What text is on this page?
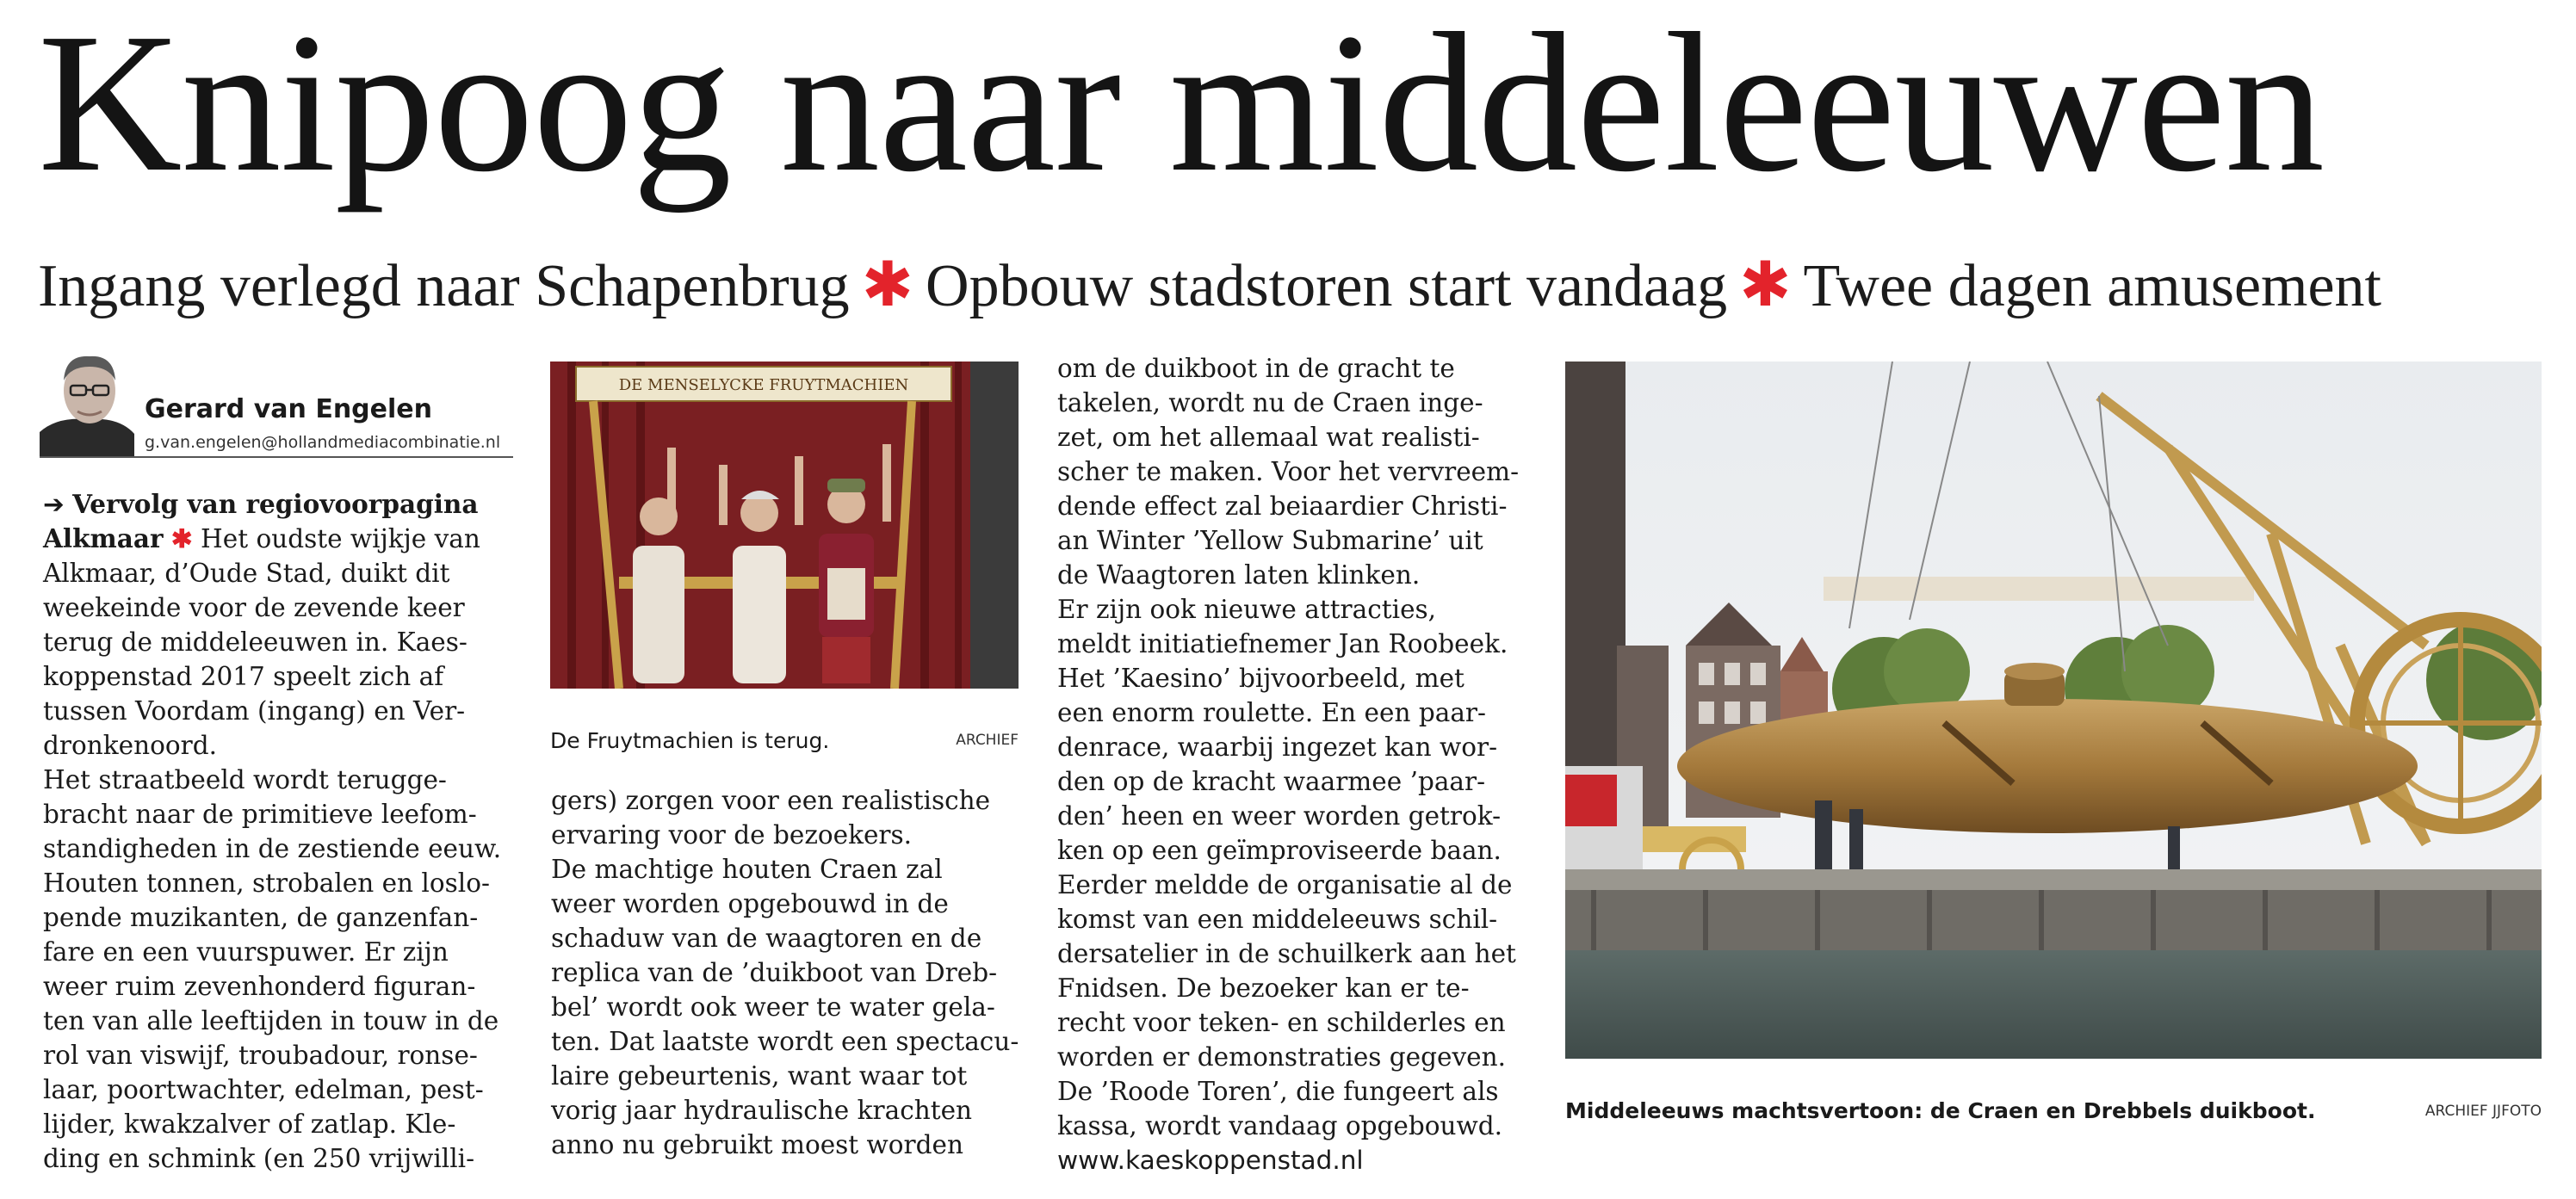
Knipoog naar middeleeuwen
Ingang verlegd naar Schapenbrug ✱ Opbouw stadstoren start vandaag ✱ Twee dagen amusement
Gerard van Engelen
g.van.engelen@hollandmediacombinatie.nl
➔ Vervolg van regiovoorpagina
Alkmaar ✱ Het oudste wijkje van
Alkmaar, d’Oude Stad, duikt dit
weekeinde voor de zevende keer
terug de middeleeuwen in. Kaes-
koppenstad 2017 speelt zich af
tussen Voordam (ingang) en Ver-
dronkenoord.
Het straatbeeld wordt terugge-
bracht naar de primitieve leefom-
standigheden in de zestiende eeuw.
Houten tonnen, strobalen en loslo-
pende muzikanten, de ganzenfan-
fare en een vuurspuwer. Er zijn
weer ruim zevenhonderd figuran-
ten van alle leeftijden in touw in de
rol van viswijf, troubadour, ronse-
laar, poortwachter, edelman, pest-
lijder, kwakzalver of zatlap. Kle-
ding en schmink (en 250 vrijwilli-
DE MENSELYCKE FRUYTMACHIEN
De Fruytmachien is terug.	ARCHIEF
gers) zorgen voor een realistische
ervaring voor de bezoekers.
De machtige houten Craen zal
weer worden opgebouwd in de
schaduw van de waagtoren en de
replica van de ’duikboot van Dreb-
bel’ wordt ook weer te water gela-
ten. Dat laatste wordt een spectacu-
laire gebeurtenis, want waar tot
vorig jaar hydraulische krachten
anno nu gebruikt moest worden
om de duikboot in de gracht te
takelen, wordt nu de Craen inge-
zet, om het allemaal wat realisti-
scher te maken. Voor het vervreem-
dende effect zal beiaardier Christi-
an Winter ’Yellow Submarine’ uit
de Waagtoren laten klinken.
Er zijn ook nieuwe attracties,
meldt initiatiefnemer Jan Roobeek.
Het ’Kaesino’ bijvoorbeeld, met
een enorm roulette. En een paar-
denrace, waarbij ingezet kan wor-
den op de kracht waarmee ’paar-
den’ heen en weer worden getrok-
ken op een geïmproviseerde baan.
Eerder meldde de organisatie al de
komst van een middeleeuws schil-
dersatelier in de schuilkerk aan het
Fnidsen. De bezoeker kan er te-
recht voor teken- en schilderles en
worden er demonstraties gegeven.
De ’Roode Toren’, die fungeert als
kassa, wordt vandaag opgebouwd.
www.kaeskoppenstad.nl
Middeleeuws machtsvertoon: de Craen en Drebbels duikboot.	ARCHIEF JJFOTO
